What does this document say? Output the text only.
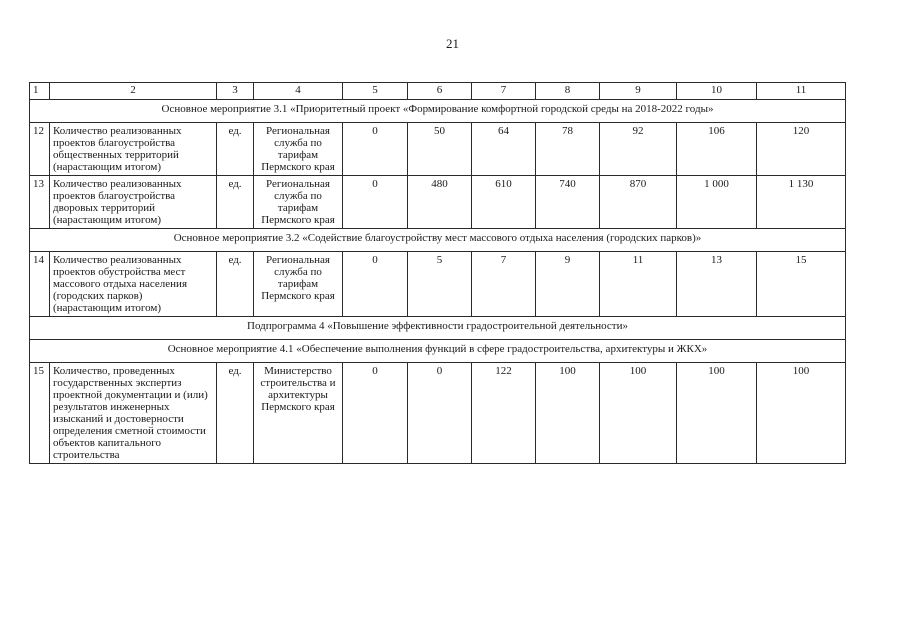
21
1	2	3	4	5	6	7	8	9	10	11
Основное мероприятие 3.1 «Приоритетный проект «Формирование комфортной городской среды на 2018-2022 годы»										
12	Количество реализованных проектов благоустройства общественных территорий (нарастающим итогом)	ед.	Региональная служба по тарифам Пермского края	0	50	64	78	92	106	120
13	Количество реализованных проектов благоустройства дворовых территорий (нарастающим итогом)	ед.	Региональная служба по тарифам Пермского края	0	480	610	740	870	1 000	1 130
Основное мероприятие 3.2 «Содействие благоустройству мест массового отдыха населения (городских парков)»										
14	Количество реализованных проектов обустройства мест массового отдыха населения (городских парков) (нарастающим итогом)	ед.	Региональная служба по тарифам Пермского края	0	5	7	9	11	13	15
Подпрограмма 4 «Повышение эффективности градостроительной деятельности»										
Основное мероприятие 4.1 «Обеспечение выполнения функций в сфере градостроительства, архитектуры и ЖКХ»										
15	Количество, проведенных государственных экспертиз проектной документации и (или) результатов инженерных изысканий и достоверности определения сметной стоимости объектов капитального строительства	ед.	Министерство строительства и архитектуры Пермского края	0	0	122	100	100	100	100
